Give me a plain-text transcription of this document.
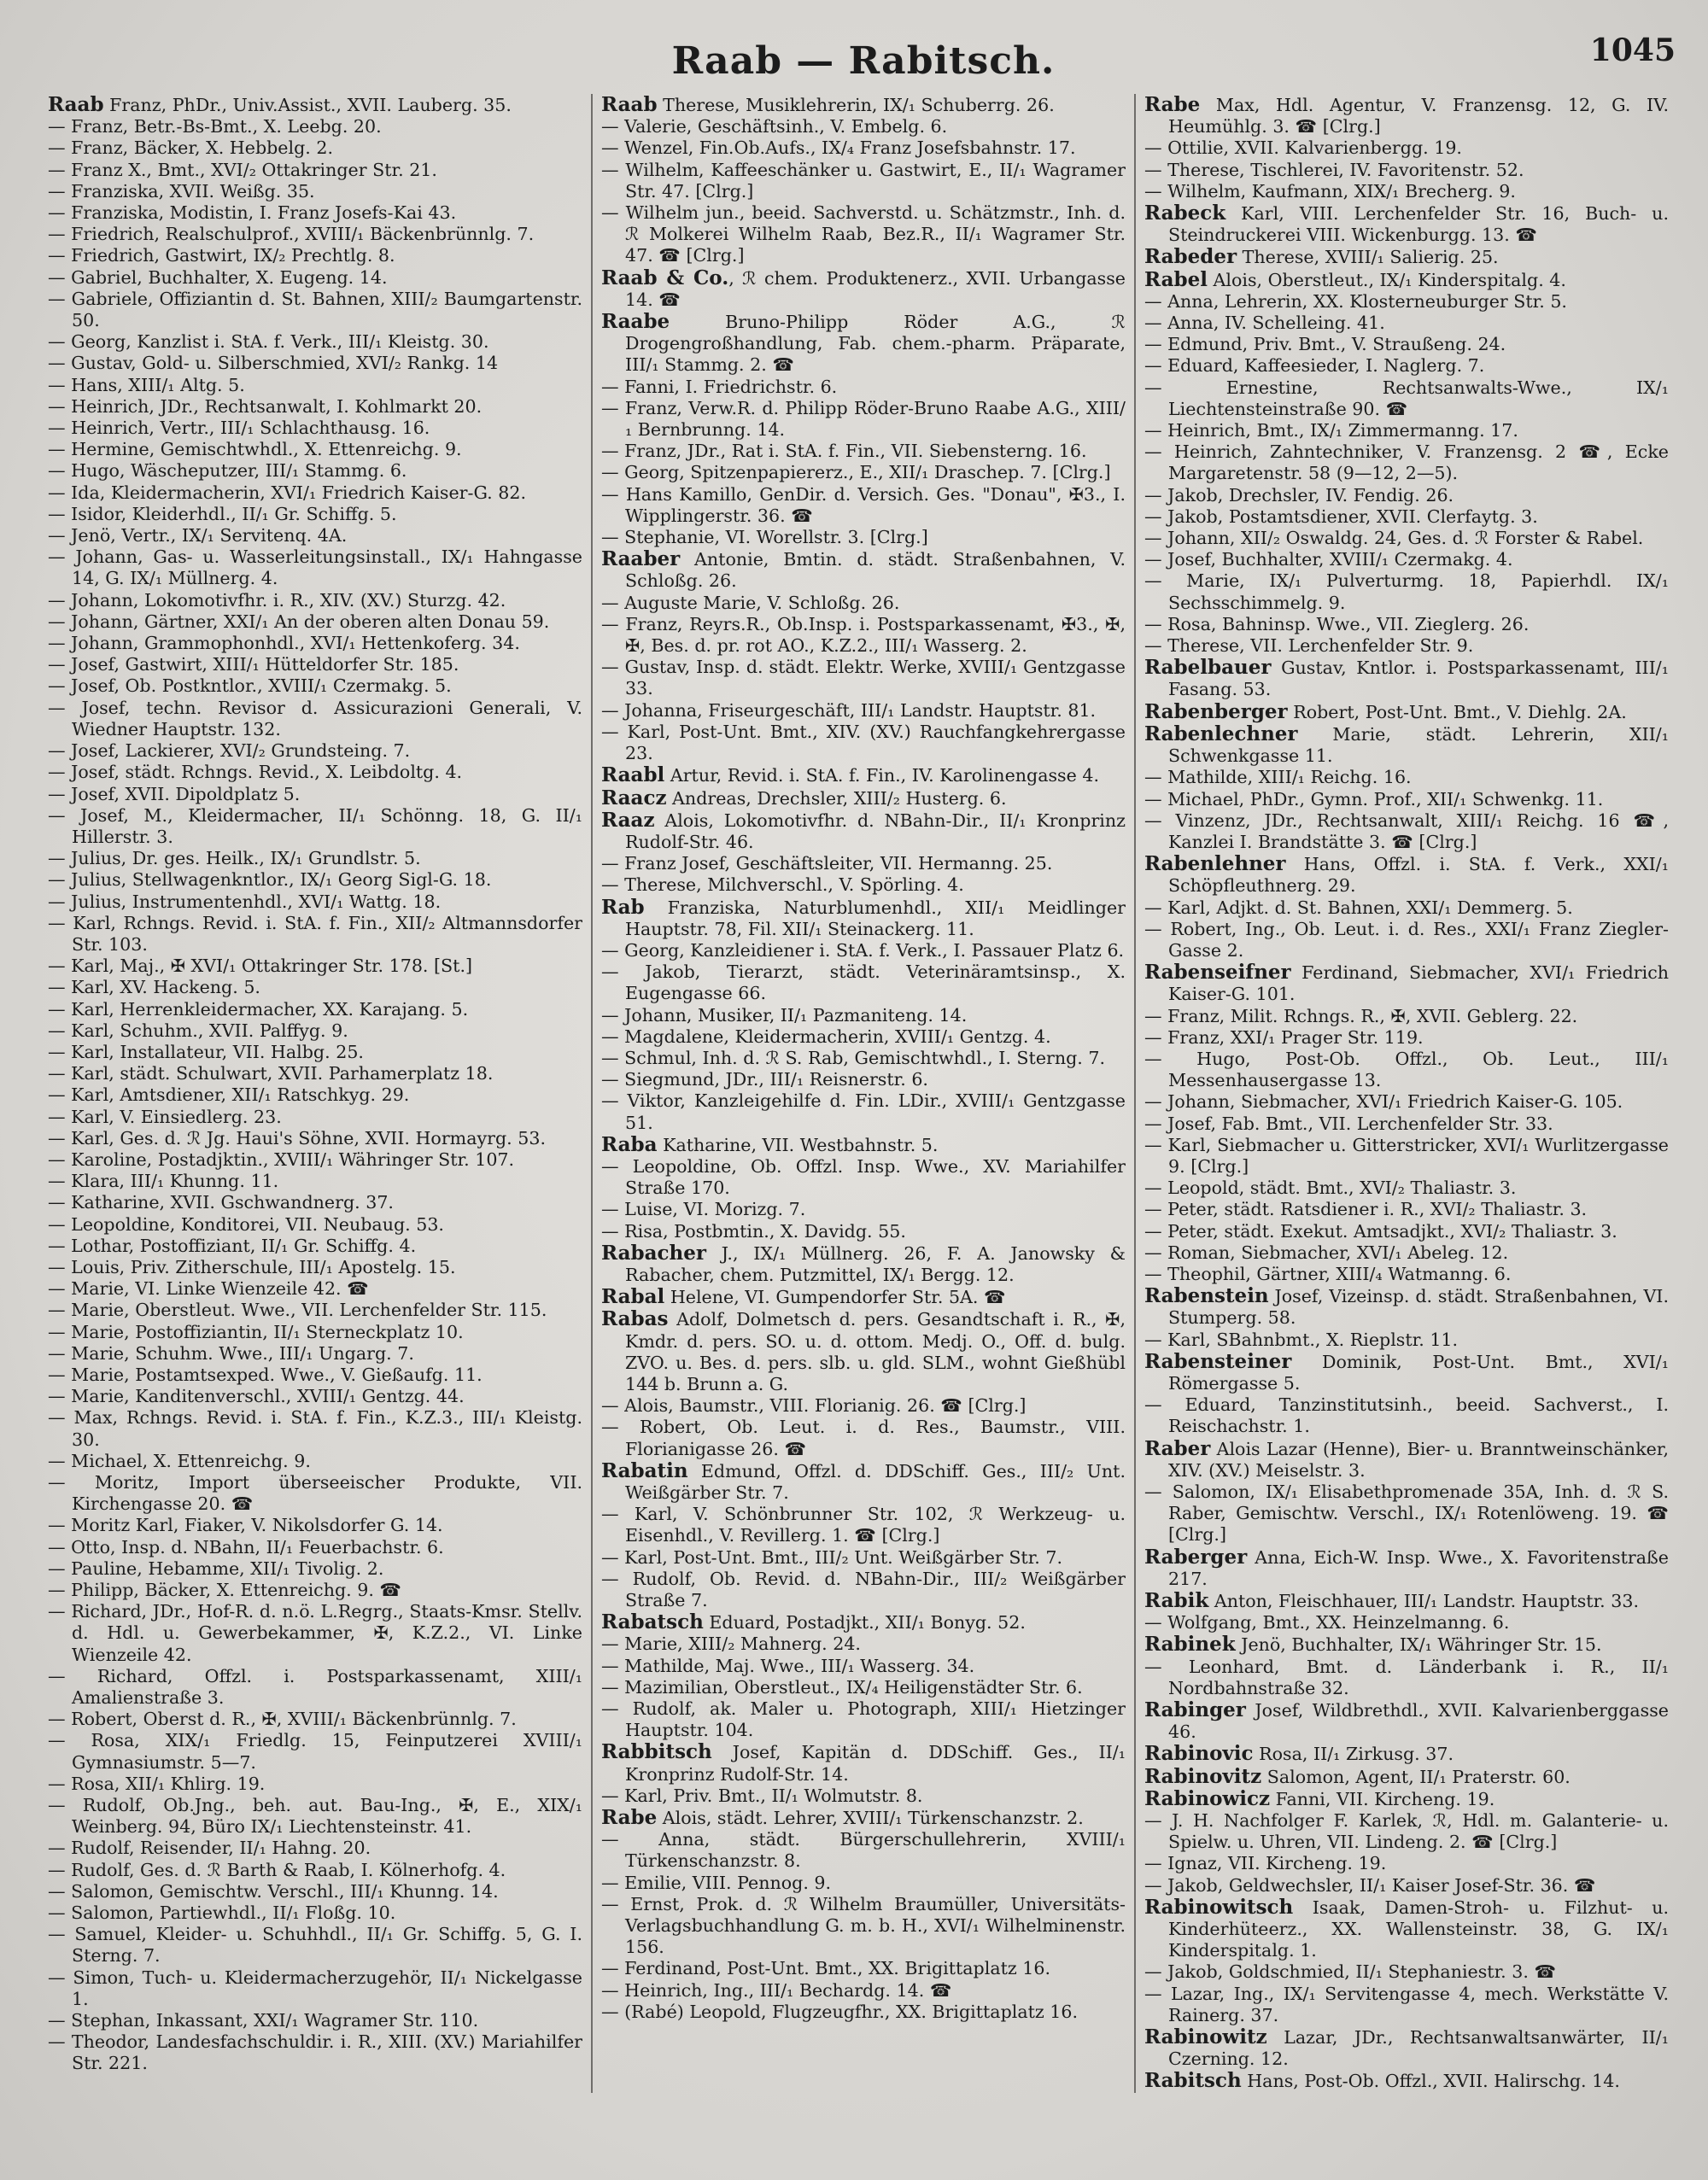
Raab — Rabitsch.	1045

Raab Franz, PhDr., Univ.Assist., XVII. Lauberg. 35.

— Franz, Betr.-Bs-Bmt., X. Leebg. 20.

— Franz, Bäcker, X. Hebbelg. 2.

— Franz X., Bmt., XVI/₂ Ottakringer Str. 21.

— Franziska, XVII. Weißg. 35.

— Franziska, Modistin, I. Franz Josefs-Kai 43.

— Friedrich, Realschulprof., XVIII/₁ Bäckenbrünnlg. 7.

— Friedrich, Gastwirt, IX/₂ Prechtlg. 8.

— Gabriel, Buchhalter, X. Eugeng. 14.

— Gabriele, Offiziantin d. St. Bahnen, XIII/₂ Baumgartenstr. 50.

— Georg, Kanzlist i. StA. f. Verk., III/₁ Kleistg. 30.

— Gustav, Gold- u. Silberschmied, XVI/₂ Rankg. 14

— Hans, XIII/₁ Altg. 5.

— Heinrich, JDr., Rechtsanwalt, I. Kohlmarkt 20.

— Heinrich, Vertr., III/₁ Schlachthausg. 16.

— Hermine, Gemischtwhdl., X. Ettenreichg. 9.

— Hugo, Wäscheputzer, III/₁ Stammg. 6.

— Ida, Kleidermacherin, XVI/₁ Friedrich Kaiser-G. 82.

— Isidor, Kleiderhdl., II/₁ Gr. Schiffg. 5.

— Jenö, Vertr., IX/₁ Servitenq. 4A.

— Johann, Gas- u. Wasserleitungsinstall., IX/₁ Hahngasse 14, G. IX/₁ Müllnerg. 4.

— Johann, Lokomotivfhr. i. R., XIV. (XV.) Sturzg. 42.

— Johann, Gärtner, XXI/₁ An der oberen alten Donau 59.

— Johann, Grammophonhdl., XVI/₁ Hettenkoferg. 34.

— Josef, Gastwirt, XIII/₁ Hütteldorfer Str. 185.

— Josef, Ob. Postkntlor., XVIII/₁ Czermakg. 5.

— Josef, techn. Revisor d. Assicurazioni Generali, V. Wiedner Hauptstr. 132.

— Josef, Lackierer, XVI/₂ Grundsteing. 7.

— Josef, städt. Rchngs. Revid., X. Leibdoltg. 4.

— Josef, XVII. Dipoldplatz 5.

— Josef, M., Kleidermacher, II/₁ Schönng. 18, G. II/₁ Hillerstr. 3.

— Julius, Dr. ges. Heilk., IX/₁ Grundlstr. 5.

— Julius, Stellwagenkntlor., IX/₁ Georg Sigl-G. 18.

— Julius, Instrumentenhdl., XVI/₁ Wattg. 18.

— Karl, Rchngs. Revid. i. StA. f. Fin., XII/₂ Altmannsdorfer Str. 103.

— Karl, Maj., ✠ XVI/₁ Ottakringer Str. 178. [St.]

— Karl, XV. Hackeng. 5.

— Karl, Herrenkleidermacher, XX. Karajang. 5.

— Karl, Schuhm., XVII. Palffyg. 9.

— Karl, Installateur, VII. Halbg. 25.

— Karl, städt. Schulwart, XVII. Parhamerplatz 18.

— Karl, Amtsdiener, XII/₁ Ratschkyg. 29.

— Karl, V. Einsiedlerg. 23.

— Karl, Ges. d. ℛ Jg. Haui's Söhne, XVII. Hormayrg. 53.

— Karoline, Postadjktin., XVIII/₁ Währinger Str. 107.

— Klara, III/₁ Khunng. 11.

— Katharine, XVII. Gschwandnerg. 37.

— Leopoldine, Konditorei, VII. Neubaug. 53.

— Lothar, Postoffiziant, II/₁ Gr. Schiffg. 4.

— Louis, Priv. Zitherschule, III/₁ Apostelg. 15.

— Marie, VI. Linke Wienzeile 42. ☎

— Marie, Oberstleut. Wwe., VII. Lerchenfelder Str. 115.

— Marie, Postoffiziantin, II/₁ Sterneckplatz 10.

— Marie, Schuhm. Wwe., III/₁ Ungarg. 7.

— Marie, Postamtsexped. Wwe., V. Gießaufg. 11.

— Marie, Kanditenverschl., XVIII/₁ Gentzg. 44.

— Max, Rchngs. Revid. i. StA. f. Fin., K.Z.3., III/₁ Kleistg. 30.

— Michael, X. Ettenreichg. 9.

— Moritz, Import überseeischer Produkte, VII. Kirchengasse 20. ☎

— Moritz Karl, Fiaker, V. Nikolsdorfer G. 14.

— Otto, Insp. d. NBahn, II/₁ Feuerbachstr. 6.

— Pauline, Hebamme, XII/₁ Tivolig. 2.

— Philipp, Bäcker, X. Ettenreichg. 9. ☎

— Richard, JDr., Hof-R. d. n.ö. L.Regrg., Staats-Kmsr. Stellv. d. Hdl. u. Gewerbekammer, ✠, K.Z.2., VI. Linke Wienzeile 42.

— Richard, Offzl. i. Postsparkassenamt, XIII/₁ Amalienstraße 3.

— Robert, Oberst d. R., ✠, XVIII/₁ Bäckenbrünnlg. 7.

— Rosa, XIX/₁ Friedlg. 15, Feinputzerei XVIII/₁ Gymnasiumstr. 5—7.

— Rosa, XII/₁ Khlirg. 19.

— Rudolf, Ob.Jng., beh. aut. Bau-Ing., ✠, E., XIX/₁ Weinberg. 94, Büro IX/₁ Liechtensteinstr. 41.

— Rudolf, Reisender, II/₁ Hahng. 20.

— Rudolf, Ges. d. ℛ Barth & Raab, I. Kölnerhofg. 4.

— Salomon, Gemischtw. Verschl., III/₁ Khunng. 14.

— Salomon, Partiewhdl., II/₁ Floßg. 10.

— Samuel, Kleider- u. Schuhhdl., II/₁ Gr. Schiffg. 5, G. I. Sterng. 7.

— Simon, Tuch- u. Kleidermacherzugehör, II/₁ Nickelgasse 1.

— Stephan, Inkassant, XXI/₁ Wagramer Str. 110.

— Theodor, Landesfachschuldir. i. R., XIII. (XV.) Mariahilfer Str. 221.

Raab Therese, Musiklehrerin, IX/₁ Schuberrg. 26.

— Valerie, Geschäftsinh., V. Embelg. 6.

— Wenzel, Fin.Ob.Aufs., IX/₄ Franz Josefsbahnstr. 17.

— Wilhelm, Kaffeeschänker u. Gastwirt, E., II/₁ Wagramer Str. 47. [Clrg.]

— Wilhelm jun., beeid. Sachverstd. u. Schätzmstr., Inh. d. ℛ Molkerei Wilhelm Raab, Bez.R., II/₁ Wagramer Str. 47. ☎ [Clrg.]

Raab & Co., ℛ chem. Produktenerz., XVII. Urbangasse 14. ☎

Raabe Bruno-Philipp Röder A.G., ℛ Drogengroßhandlung, Fab. chem.-pharm. Präparate, III/₁ Stammg. 2. ☎

— Fanni, I. Friedrichstr. 6.

— Franz, Verw.R. d. Philipp Röder-Bruno Raabe A.G., XIII/₁ Bernbrunng. 14.

— Franz, JDr., Rat i. StA. f. Fin., VII. Siebensterng. 16.

— Georg, Spitzenpapiererz., E., XII/₁ Draschep. 7. [Clrg.]

— Hans Kamillo, GenDir. d. Versich. Ges. "Donau", ✠3., I. Wipplingerstr. 36. ☎

— Stephanie, VI. Worellstr. 3. [Clrg.]

Raaber Antonie, Bmtin. d. städt. Straßenbahnen, V. Schloßg. 26.

— Auguste Marie, V. Schloßg. 26.

— Franz, Reyrs.R., Ob.Insp. i. Postsparkassenamt, ✠3., ✠, ✠, Bes. d. pr. rot AO., K.Z.2., III/₁ Wasserg. 2.

— Gustav, Insp. d. städt. Elektr. Werke, XVIII/₁ Gentzgasse 33.

— Johanna, Friseurgeschäft, III/₁ Landstr. Hauptstr. 81.

— Karl, Post-Unt. Bmt., XIV. (XV.) Rauchfangkehrergasse 23.

Raabl Artur, Revid. i. StA. f. Fin., IV. Karolinengasse 4.

Raacz Andreas, Drechsler, XIII/₂ Husterg. 6.

Raaz Alois, Lokomotivfhr. d. NBahn-Dir., II/₁ Kronprinz Rudolf-Str. 46.

— Franz Josef, Geschäftsleiter, VII. Hermanng. 25.

— Therese, Milchverschl., V. Spörling. 4.

Rab Franziska, Naturblumenhdl., XII/₁ Meidlinger Hauptstr. 78, Fil. XII/₁ Steinackerg. 11.

— Georg, Kanzleidiener i. StA. f. Verk., I. Passauer Platz 6.

— Jakob, Tierarzt, städt. Veterinäramtsinsp., X. Eugengasse 66.

— Johann, Musiker, II/₁ Pazmaniteng. 14.

— Magdalene, Kleidermacherin, XVIII/₁ Gentzg. 4.

— Schmul, Inh. d. ℛ S. Rab, Gemischtwhdl., I. Sterng. 7.

— Siegmund, JDr., III/₁ Reisnerstr. 6.

— Viktor, Kanzleigehilfe d. Fin. LDir., XVIII/₁ Gentzgasse 51.

Raba Katharine, VII. Westbahnstr. 5.

— Leopoldine, Ob. Offzl. Insp. Wwe., XV. Mariahilfer Straße 170.

— Luise, VI. Morizg. 7.

— Risa, Postbmtin., X. Davidg. 55.

Rabacher J., IX/₁ Müllnerg. 26, F. A. Janowsky & Rabacher, chem. Putzmittel, IX/₁ Bergg. 12.

Rabal Helene, VI. Gumpendorfer Str. 5A. ☎

Rabas Adolf, Dolmetsch d. pers. Gesandtschaft i. R., ✠, Kmdr. d. pers. SO. u. d. ottom. Medj. O., Off. d. bulg. ZVO. u. Bes. d. pers. slb. u. gld. SLM., wohnt Gießhübl 144 b. Brunn a. G.

— Alois, Baumstr., VIII. Florianig. 26. ☎ [Clrg.]

— Robert, Ob. Leut. i. d. Res., Baumstr., VIII. Florianigasse 26. ☎

Rabatin Edmund, Offzl. d. DDSchiff. Ges., III/₂ Unt. Weißgärber Str. 7.

— Karl, V. Schönbrunner Str. 102, ℛ Werkzeug- u. Eisenhdl., V. Revillerg. 1. ☎ [Clrg.]

— Karl, Post-Unt. Bmt., III/₂ Unt. Weißgärber Str. 7.

— Rudolf, Ob. Revid. d. NBahn-Dir., III/₂ Weißgärber Straße 7.

Rabatsch Eduard, Postadjkt., XII/₁ Bonyg. 52.

— Marie, XIII/₂ Mahnerg. 24.

— Mathilde, Maj. Wwe., III/₁ Wasserg. 34.

— Mazimilian, Oberstleut., IX/₄ Heiligenstädter Str. 6.

— Rudolf, ak. Maler u. Photograph, XIII/₁ Hietzinger Hauptstr. 104.

Rabbitsch Josef, Kapitän d. DDSchiff. Ges., II/₁ Kronprinz Rudolf-Str. 14.

— Karl, Priv. Bmt., II/₁ Wolmutstr. 8.

Rabe Alois, städt. Lehrer, XVIII/₁ Türkenschanzstr. 2.

— Anna, städt. Bürgerschullehrerin, XVIII/₁ Türkenschanzstr. 8.

— Emilie, VIII. Pennog. 9.

— Ernst, Prok. d. ℛ Wilhelm Braumüller, Universitäts-Verlagsbuchhandlung G. m. b. H., XVI/₁ Wilhelminenstr. 156.

— Ferdinand, Post-Unt. Bmt., XX. Brigittaplatz 16.

— Heinrich, Ing., III/₁ Bechardg. 14. ☎

— (Rabé) Leopold, Flugzeugfhr., XX. Brigittaplatz 16.

Rabe Max, Hdl. Agentur, V. Franzensg. 12, G. IV. Heumühlg. 3. ☎ [Clrg.]

— Ottilie, XVII. Kalvarienbergg. 19.

— Therese, Tischlerei, IV. Favoritenstr. 52.

— Wilhelm, Kaufmann, XIX/₁ Brecherg. 9.

Rabeck Karl, VIII. Lerchenfelder Str. 16, Buch- u. Steindruckerei VIII. Wickenburgg. 13. ☎

Rabeder Therese, XVIII/₁ Salierig. 25.

Rabel Alois, Oberstleut., IX/₁ Kinderspitalg. 4.

— Anna, Lehrerin, XX. Klosterneuburger Str. 5.

— Anna, IV. Schelleing. 41.

— Edmund, Priv. Bmt., V. Straußeng. 24.

— Eduard, Kaffeesieder, I. Naglerg. 7.

— Ernestine, Rechtsanwalts-Wwe., IX/₁ Liechtensteinstraße 90. ☎

— Heinrich, Bmt., IX/₁ Zimmermanng. 17.

— Heinrich, Zahntechniker, V. Franzensg. 2 ☎, Ecke Margaretenstr. 58 (9—12, 2—5).

— Jakob, Drechsler, IV. Fendig. 26.

— Jakob, Postamtsdiener, XVII. Clerfaytg. 3.

— Johann, XII/₂ Oswaldg. 24, Ges. d. ℛ Forster & Rabel.

— Josef, Buchhalter, XVIII/₁ Czermakg. 4.

— Marie, IX/₁ Pulverturmg. 18, Papierhdl. IX/₁ Sechsschimmelg. 9.

— Rosa, Bahninsp. Wwe., VII. Zieglerg. 26.

— Therese, VII. Lerchenfelder Str. 9.

Rabelbauer Gustav, Kntlor. i. Postsparkassenamt, III/₁ Fasang. 53.

Rabenberger Robert, Post-Unt. Bmt., V. Diehlg. 2A.

Rabenlechner Marie, städt. Lehrerin, XII/₁ Schwenkgasse 11.

— Mathilde, XIII/₁ Reichg. 16.

— Michael, PhDr., Gymn. Prof., XII/₁ Schwenkg. 11.

— Vinzenz, JDr., Rechtsanwalt, XIII/₁ Reichg. 16 ☎, Kanzlei I. Brandstätte 3. ☎ [Clrg.]

Rabenlehner Hans, Offzl. i. StA. f. Verk., XXI/₁ Schöpfleuthnerg. 29.

— Karl, Adjkt. d. St. Bahnen, XXI/₁ Demmerg. 5.

— Robert, Ing., Ob. Leut. i. d. Res., XXI/₁ Franz Ziegler-Gasse 2.

Rabenseifner Ferdinand, Siebmacher, XVI/₁ Friedrich Kaiser-G. 101.

— Franz, Milit. Rchngs. R., ✠, XVII. Geblerg. 22.

— Franz, XXI/₁ Prager Str. 119.

— Hugo, Post-Ob. Offzl., Ob. Leut., III/₁ Messenhausergasse 13.

— Johann, Siebmacher, XVI/₁ Friedrich Kaiser-G. 105.

— Josef, Fab. Bmt., VII. Lerchenfelder Str. 33.

— Karl, Siebmacher u. Gitterstricker, XVI/₁ Wurlitzergasse 9. [Clrg.]

— Leopold, städt. Bmt., XVI/₂ Thaliastr. 3.

— Peter, städt. Ratsdiener i. R., XVI/₂ Thaliastr. 3.

— Peter, städt. Exekut. Amtsadjkt., XVI/₂ Thaliastr. 3.

— Roman, Siebmacher, XVI/₁ Abeleg. 12.

— Theophil, Gärtner, XIII/₄ Watmanng. 6.

Rabenstein Josef, Vizeinsp. d. städt. Straßenbahnen, VI. Stumperg. 58.

— Karl, SBahnbmt., X. Rieplstr. 11.

Rabensteiner Dominik, Post-Unt. Bmt., XVI/₁ Römergasse 5.

— Eduard, Tanzinstitutsinh., beeid. Sachverst., I. Reischachstr. 1.

Raber Alois Lazar (Henne), Bier- u. Branntweinschänker, XIV. (XV.) Meiselstr. 3.

— Salomon, IX/₁ Elisabethpromenade 35A, Inh. d. ℛ S. Raber, Gemischtw. Verschl., IX/₁ Rotenlöweng. 19. ☎ [Clrg.]

Raberger Anna, Eich-W. Insp. Wwe., X. Favoritenstraße 217.

Rabik Anton, Fleischhauer, III/₁ Landstr. Hauptstr. 33.

— Wolfgang, Bmt., XX. Heinzelmanng. 6.

Rabinek Jenö, Buchhalter, IX/₁ Währinger Str. 15.

— Leonhard, Bmt. d. Länderbank i. R., II/₁ Nordbahnstraße 32.

Rabinger Josef, Wildbrethdl., XVII. Kalvarienberggasse 46.

Rabinovic Rosa, II/₁ Zirkusg. 37.

Rabinovitz Salomon, Agent, II/₁ Praterstr. 60.

Rabinowicz Fanni, VII. Kircheng. 19.

— J. H. Nachfolger F. Karlek, ℛ, Hdl. m. Galanterie- u. Spielw. u. Uhren, VII. Lindeng. 2. ☎ [Clrg.]

— Ignaz, VII. Kircheng. 19.

— Jakob, Geldwechsler, II/₁ Kaiser Josef-Str. 36. ☎

Rabinowitsch Isaak, Damen-Stroh- u. Filzhut- u. Kinderhüteerz., XX. Wallensteinstr. 38, G. IX/₁ Kinderspitalg. 1.

— Jakob, Goldschmied, II/₁ Stephaniestr. 3. ☎

— Lazar, Ing., IX/₁ Servitengasse 4, mech. Werkstätte V. Rainerg. 37.

Rabinowitz Lazar, JDr., Rechtsanwaltsanwärter, II/₁ Czerning. 12.

Rabitsch Hans, Post-Ob. Offzl., XVII. Halirschg. 14.
